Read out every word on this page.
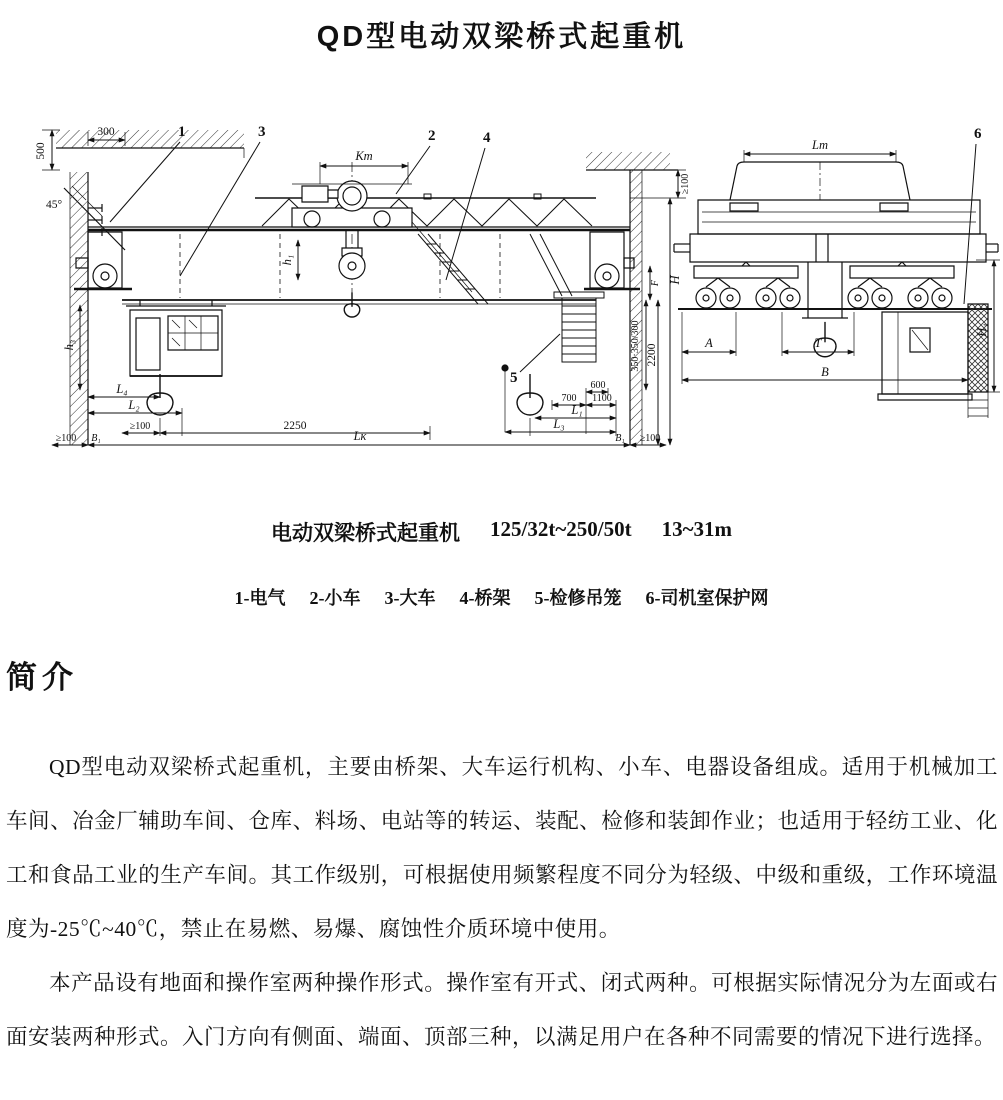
QD型电动双梁桥式起重机
500
300
45°
Kт
h₁
≥100
H
F
350·350/300 2200
h₃
L₄
L₂
≥100	2250
≥100 B₁	Lк	B₁ ≥100
600
700 1100
L₁
L₃
1	3	2	4
5
Lт
H₁
A	T
B
6
电动双梁桥式起重机 125/32t~250/50t 13~31m
1-电气 2-小车 3-大车 4-桥架 5-检修吊笼 6-司机室保护网
简介

QD型电动双梁桥式起重机，主要由桥架、大车运行机构、小车、电器设备组成。适用于机械加工车间、冶金厂辅助车间、仓库、料场、电站等的转运、装配、检修和装卸作业；也适用于轻纺工业、化工和食品工业的生产车间。其工作级别，可根据使用频繁程度不同分为轻级、中级和重级，工作环境温度为-25℃~40℃，禁止在易燃、易爆、腐蚀性介质环境中使用。

本产品设有地面和操作室两种操作形式。操作室有开式、闭式两种。可根据实际情况分为左面或右面安装两种形式。入门方向有侧面、端面、顶部三种，以满足用户在各种不同需要的情况下进行选择。
